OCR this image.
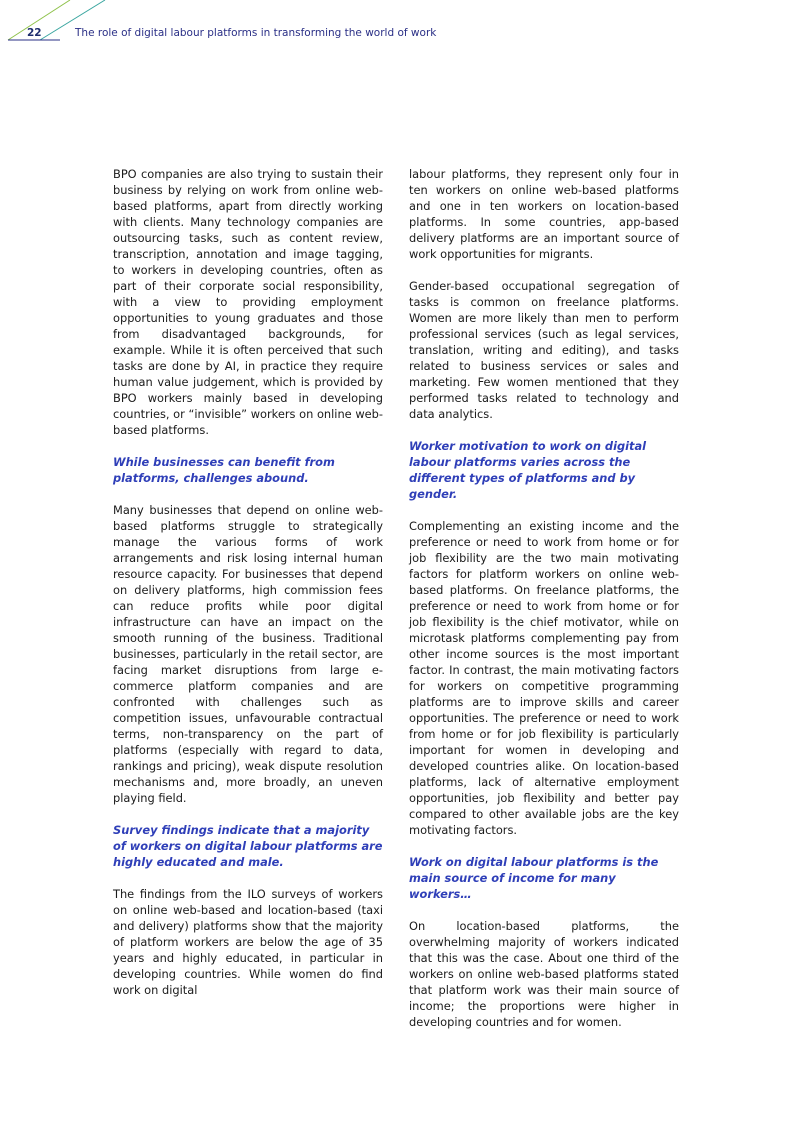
22	The role of digital labour platforms in transforming the world of work

BPO companies are also trying to sustain their business by relying on work from online web-based platforms, apart from directly working with clients. Many technology companies are outsourcing tasks, such as content review, transcription, annotation and image tagging, to workers in developing countries, often as part of their corporate social responsibility, with a view to providing employment opportunities to young graduates and those from disadvantaged backgrounds, for example. While it is often perceived that such tasks are done by AI, in practice they require human value judgement, which is provided by BPO workers mainly based in developing countries, or “invisible” workers on online web-based platforms.

While businesses can benefit from platforms, challenges abound.

Many businesses that depend on online web-based platforms struggle to strategically manage the various forms of work arrangements and risk losing internal human resource capacity. For businesses that depend on delivery platforms, high commission fees can reduce profits while poor digital infrastructure can have an impact on the smooth running of the business. Traditional businesses, particularly in the retail sector, are facing market disruptions from large e-commerce platform companies and are confronted with challenges such as competition issues, unfavourable contractual terms, non-transparency on the part of platforms (especially with regard to data, rankings and pricing), weak dispute resolution mechanisms and, more broadly, an uneven playing field.

Survey findings indicate that a majority of workers on digital labour platforms are highly educated and male.

The findings from the ILO surveys of workers on online web-based and location-based (taxi and delivery) platforms show that the majority of platform workers are below the age of 35 years and highly educated, in particular in developing countries. While women do find work on digital

labour platforms, they represent only four in ten workers on online web-based platforms and one in ten workers on location-based platforms. In some countries, app-based delivery platforms are an important source of work opportunities for migrants.

Gender-based occupational segregation of tasks is common on freelance platforms. Women are more likely than men to perform professional services (such as legal services, translation, writing and editing), and tasks related to business services or sales and marketing. Few women mentioned that they performed tasks related to technology and data analytics.

Worker motivation to work on digital labour platforms varies across the different types of platforms and by gender.

Complementing an existing income and the preference or need to work from home or for job flexibility are the two main motivating factors for platform workers on online web-based platforms. On freelance platforms, the preference or need to work from home or for job flexibility is the chief motivator, while on microtask platforms complementing pay from other income sources is the most important factor. In contrast, the main motivating factors for workers on competitive programming platforms are to improve skills and career opportunities. The preference or need to work from home or for job flexibility is particularly important for women in developing and developed countries alike. On location-based platforms, lack of alternative employment opportunities, job flexibility and better pay compared to other available jobs are the key motivating factors.

Work on digital labour platforms is the main source of income for many workers…

On location-based platforms, the overwhelming majority of workers indicated that this was the case. About one third of the workers on online web-based platforms stated that platform work was their main source of income; the proportions were higher in developing countries and for women.
